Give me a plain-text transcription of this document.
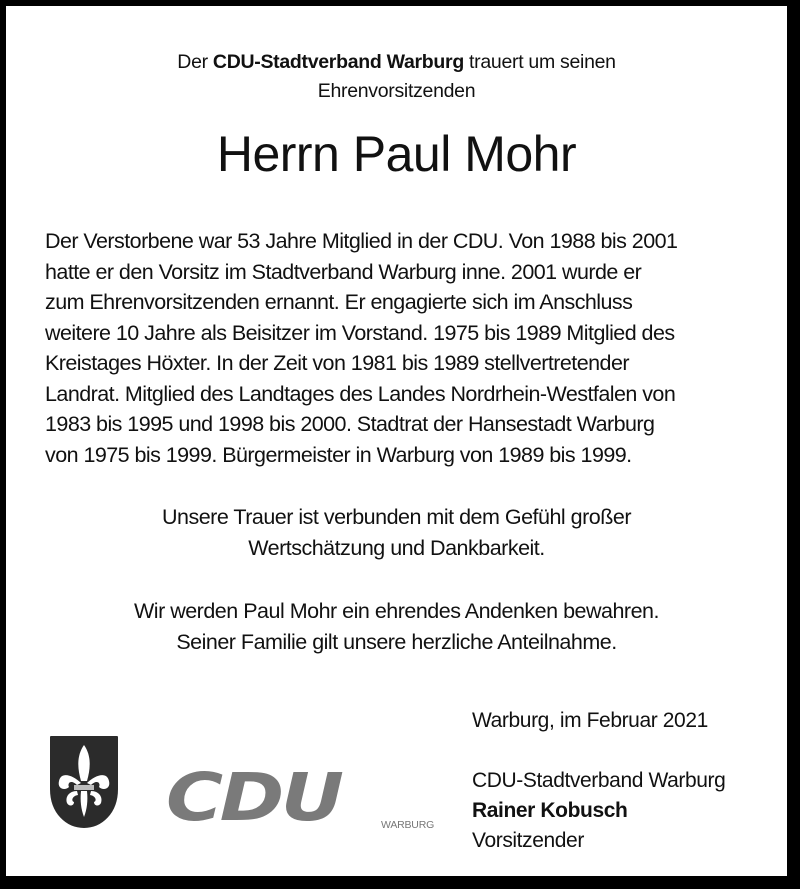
Der CDU-Stadtverband Warburg trauert um seinen
Ehrenvorsitzenden
Herrn Paul Mohr
Der Verstorbene war 53 Jahre Mitglied in der CDU. Von 1988 bis 2001
hatte er den Vorsitz im Stadtverband Warburg inne. 2001 wurde er
zum Ehrenvorsitzenden ernannt. Er engagierte sich im Anschluss
weitere 10 Jahre als Beisitzer im Vorstand. 1975 bis 1989 Mitglied des
Kreistages Höxter. In der Zeit von 1981 bis 1989 stellvertretender
Landrat. Mitglied des Landtages des Landes Nordrhein-Westfalen von
1983 bis 1995 und 1998 bis 2000. Stadtrat der Hansestadt Warburg
von 1975 bis 1999. Bürgermeister in Warburg von 1989 bis 1999.
Unsere Trauer ist verbunden mit dem Gefühl großer
Wertschätzung und Dankbarkeit.
Wir werden Paul Mohr ein ehrendes Andenken bewahren.
Seiner Familie gilt unsere herzliche Anteilnahme.
CDU	WARBURG
Warburg, im Februar 2021
CDU-Stadtverband Warburg
Rainer Kobusch
Vorsitzender
